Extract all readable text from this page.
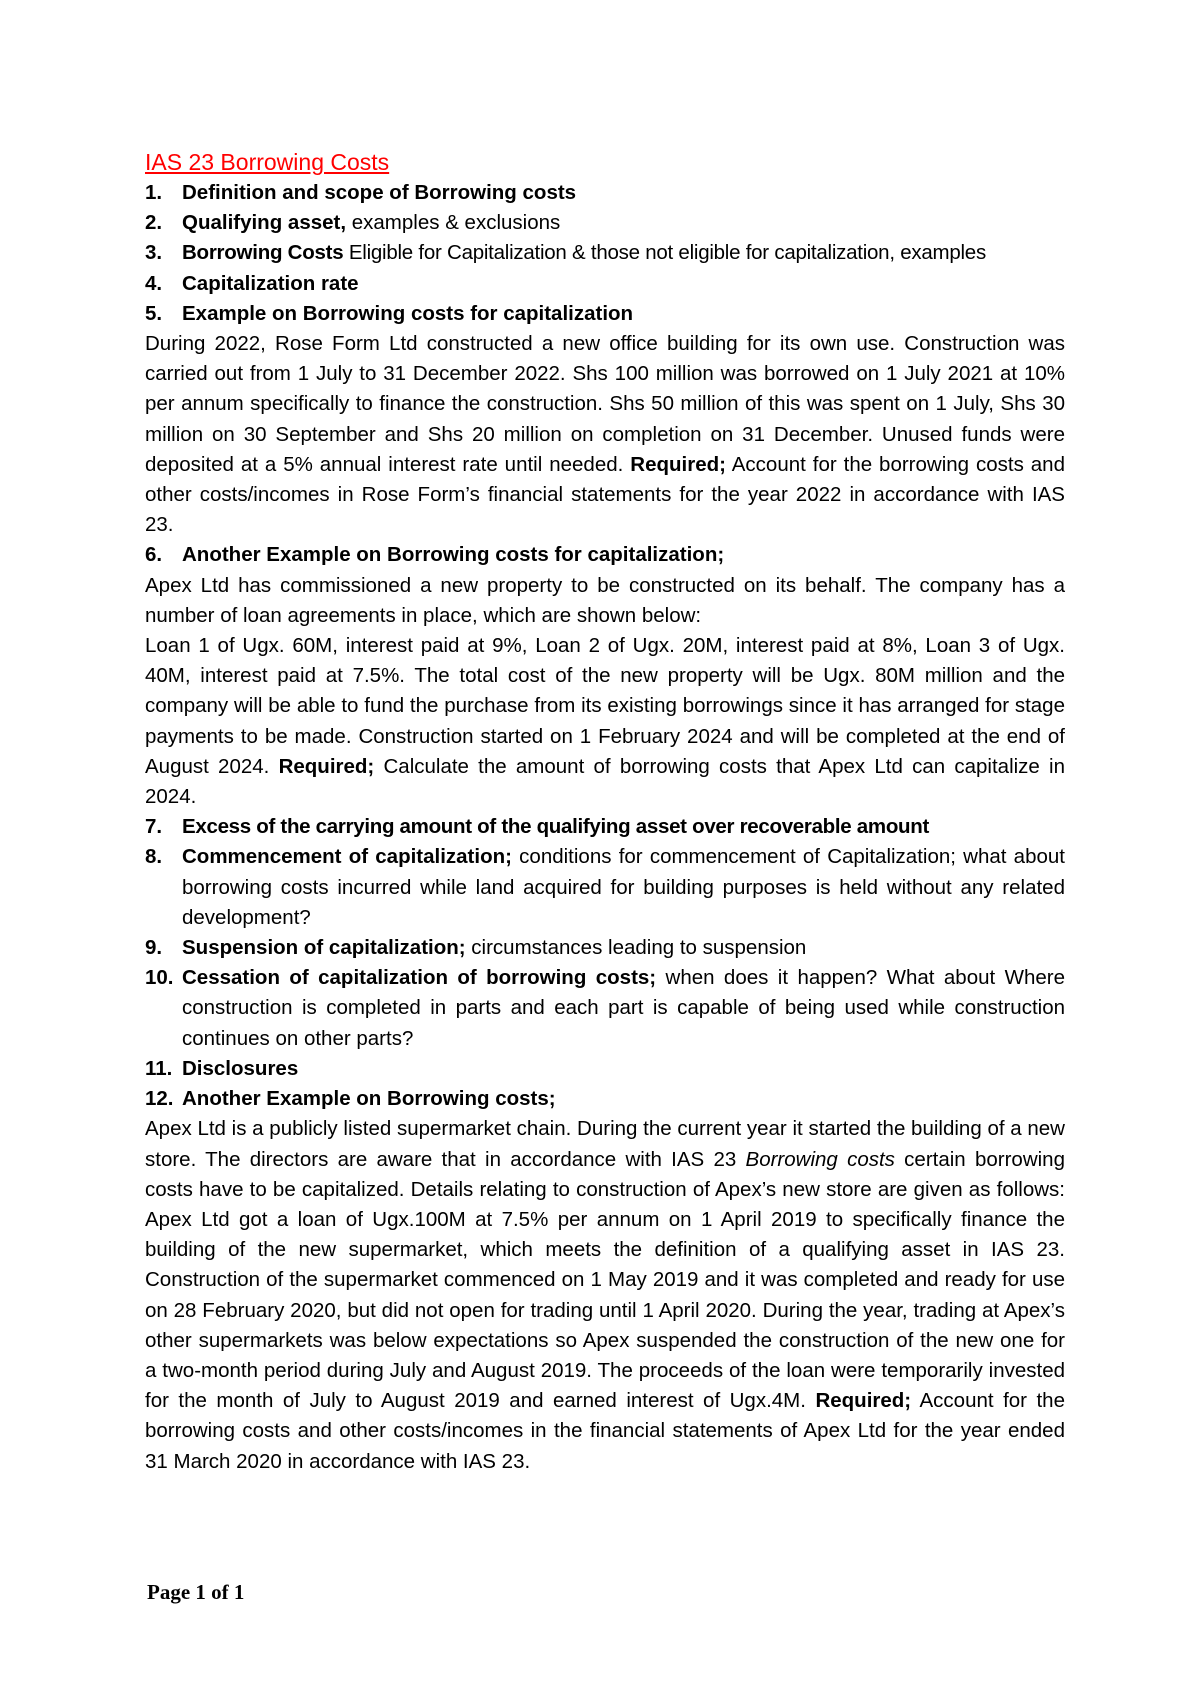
IAS 23 Borrowing Costs
1. Definition and scope of Borrowing costs
2. Qualifying asset, examples & exclusions
3. Borrowing Costs Eligible for Capitalization & those not eligible for capitalization, examples
4. Capitalization rate
5. Example on Borrowing costs for capitalization
During 2022, Rose Form Ltd constructed a new office building for its own use. Construction was carried out from 1 July to 31 December 2022. Shs 100 million was borrowed on 1 July 2021 at 10% per annum specifically to finance the construction. Shs 50 million of this was spent on 1 July, Shs 30 million on 30 September and Shs 20 million on completion on 31 December. Unused funds were deposited at a 5% annual interest rate until needed. Required; Account for the borrowing costs and other costs/incomes in Rose Form’s financial statements for the year 2022 in accordance with IAS 23.
6. Another Example on Borrowing costs for capitalization;
Apex Ltd has commissioned a new property to be constructed on its behalf. The company has a number of loan agreements in place, which are shown below:
Loan 1 of Ugx. 60M, interest paid at 9%, Loan 2 of Ugx. 20M, interest paid at 8%, Loan 3 of Ugx. 40M, interest paid at 7.5%. The total cost of the new property will be Ugx. 80M million and the company will be able to fund the purchase from its existing borrowings since it has arranged for stage payments to be made. Construction started on 1 February 2024 and will be completed at the end of August 2024. Required; Calculate the amount of borrowing costs that Apex Ltd can capitalize in 2024.
7. Excess of the carrying amount of the qualifying asset over recoverable amount
8. Commencement of capitalization; conditions for commencement of Capitalization; what about borrowing costs incurred while land acquired for building purposes is held without any related development?
9. Suspension of capitalization; circumstances leading to suspension
10. Cessation of capitalization of borrowing costs; when does it happen? What about Where construction is completed in parts and each part is capable of being used while construction continues on other parts?
11. Disclosures
12. Another Example on Borrowing costs;
Apex Ltd is a publicly listed supermarket chain. During the current year it started the building of a new store. The directors are aware that in accordance with IAS 23 Borrowing costs certain borrowing costs have to be capitalized. Details relating to construction of Apex’s new store are given as follows: Apex Ltd got a loan of Ugx.100M at 7.5% per annum on 1 April 2019 to specifically finance the building of the new supermarket, which meets the definition of a qualifying asset in IAS 23. Construction of the supermarket commenced on 1 May 2019 and it was completed and ready for use on 28 February 2020, but did not open for trading until 1 April 2020. During the year, trading at Apex’s other supermarkets was below expectations so Apex suspended the construction of the new one for a two-month period during July and August 2019. The proceeds of the loan were temporarily invested for the month of July to August 2019 and earned interest of Ugx.4M. Required; Account for the borrowing costs and other costs/incomes in the financial statements of Apex Ltd for the year ended 31 March 2020 in accordance with IAS 23.
Page 1 of 1
